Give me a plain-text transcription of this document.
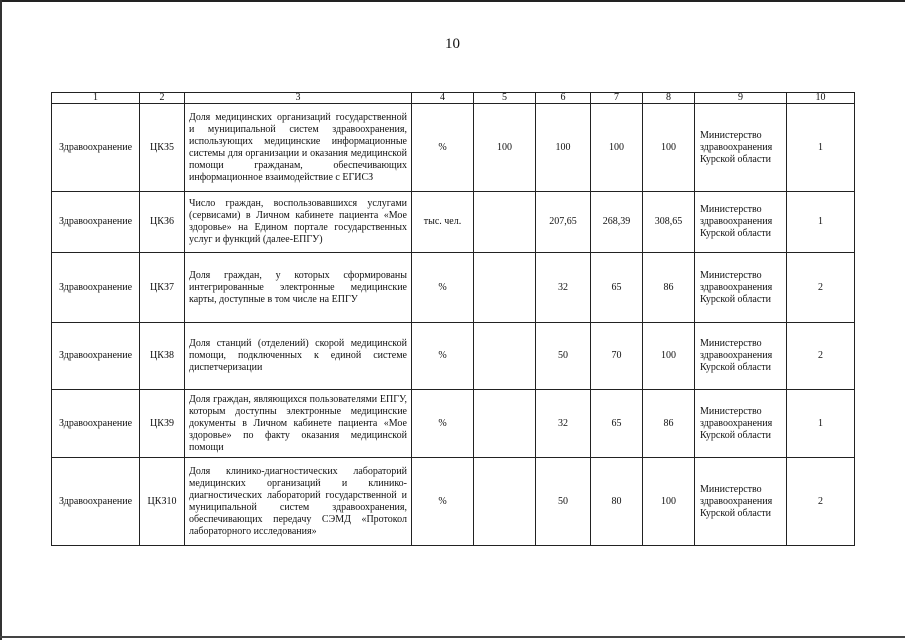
10
1	2	3	4	5	6	7	8	9	10
Здравоохранение	ЦКЗ5	Доля медицинских организаций государственной и муниципальной систем здравоохранения, использующих медицинские информационные системы для организации и оказания медицинской помощи гражданам, обеспечивающих информационное взаимодействие с ЕГИСЗ	%	100	100	100	100	Министерство здравоохранения Курской области	1
Здравоохранение	ЦКЗ6	Число граждан, воспользовавшихся услугами (сервисами) в Личном кабинете пациента «Мое здоровье» на Едином портале государственных услуг и функций (далее-ЕПГУ)	тыс. чел.		207,65	268,39	308,65	Министерство здравоохранения Курской области	1
Здравоохранение	ЦКЗ7	Доля граждан, у которых сформированы интегрированные электронные медицинские карты, доступные в том числе на ЕПГУ	%		32	65	86	Министерство здравоохранения Курской области	2
Здравоохранение	ЦКЗ8	Доля станций (отделений) скорой медицинской помощи, подключенных к единой системе диспетчеризации	%		50	70	100	Министерство здравоохранения Курской области	2
Здравоохранение	ЦКЗ9	Доля граждан, являющихся пользователями ЕПГУ, которым доступны электронные медицинские документы в Личном кабинете пациента «Мое здоровье» по факту оказания медицинской помощи	%		32	65	86	Министерство здравоохранения Курской области	1
Здравоохранение	ЦКЗ10	Доля клинико-диагностических лабораторий медицинских организаций и клинико-диагностических лабораторий государственной и муниципальной систем здравоохранения, обеспечивающих передачу СЭМД «Протокол лабораторного исследования»	%		50	80	100	Министерство здравоохранения Курской области	2
